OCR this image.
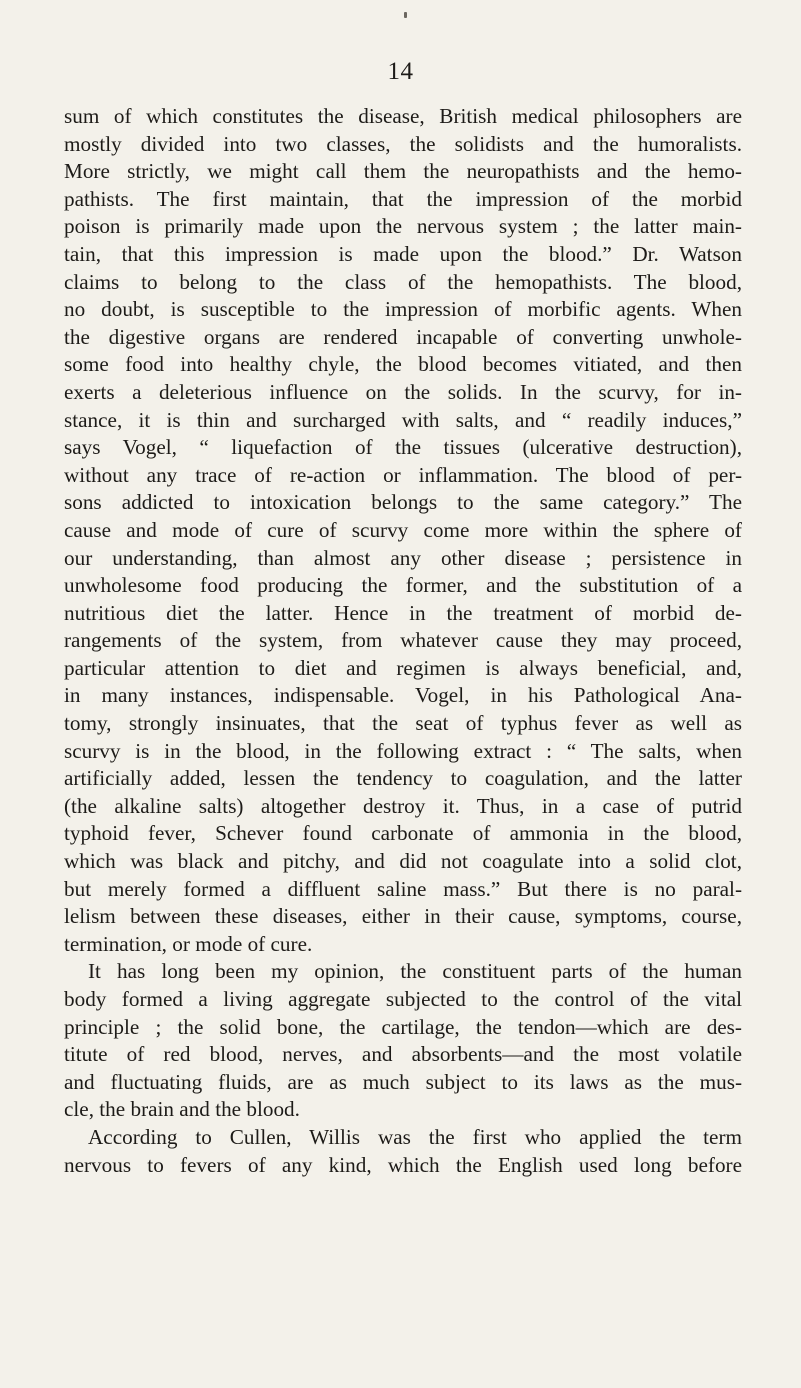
14
sum of which constitutes the disease, British medical philosophers are
mostly divided into two classes, the solidists and the humoralists.
More strictly, we might call them the neuropathists and the hemo-
pathists. The first maintain, that the impression of the morbid
poison is primarily made upon the nervous system ; the latter main-
tain, that this impression is made upon the blood.” Dr. Watson
claims to belong to the class of the hemopathists. The blood,
no doubt, is susceptible to the impression of morbific agents. When
the digestive organs are rendered incapable of converting unwhole-
some food into healthy chyle, the blood becomes vitiated, and then
exerts a deleterious influence on the solids. In the scurvy, for in-
stance, it is thin and surcharged with salts, and “ readily induces,”
says Vogel, “ liquefaction of the tissues (ulcerative destruction),
without any trace of re-action or inflammation. The blood of per-
sons addicted to intoxication belongs to the same category.” The
cause and mode of cure of scurvy come more within the sphere of
our understanding, than almost any other disease ; persistence in
unwholesome food producing the former, and the substitution of a
nutritious diet the latter. Hence in the treatment of morbid de-
rangements of the system, from whatever cause they may proceed,
particular attention to diet and regimen is always beneficial, and,
in many instances, indispensable. Vogel, in his Pathological Ana-
tomy, strongly insinuates, that the seat of typhus fever as well as
scurvy is in the blood, in the following extract : “ The salts, when
artificially added, lessen the tendency to coagulation, and the latter
(the alkaline salts) altogether destroy it. Thus, in a case of putrid
typhoid fever, Schever found carbonate of ammonia in the blood,
which was black and pitchy, and did not coagulate into a solid clot,
but merely formed a diffluent saline mass.” But there is no paral-
lelism between these diseases, either in their cause, symptoms, course,
termination, or mode of cure.
It has long been my opinion, the constituent parts of the human
body formed a living aggregate subjected to the control of the vital
principle ; the solid bone, the cartilage, the tendon—which are des-
titute of red blood, nerves, and absorbents—and the most volatile
and fluctuating fluids, are as much subject to its laws as the mus-
cle, the brain and the blood.
According to Cullen, Willis was the first who applied the term
nervous to fevers of any kind, which the English used long before
